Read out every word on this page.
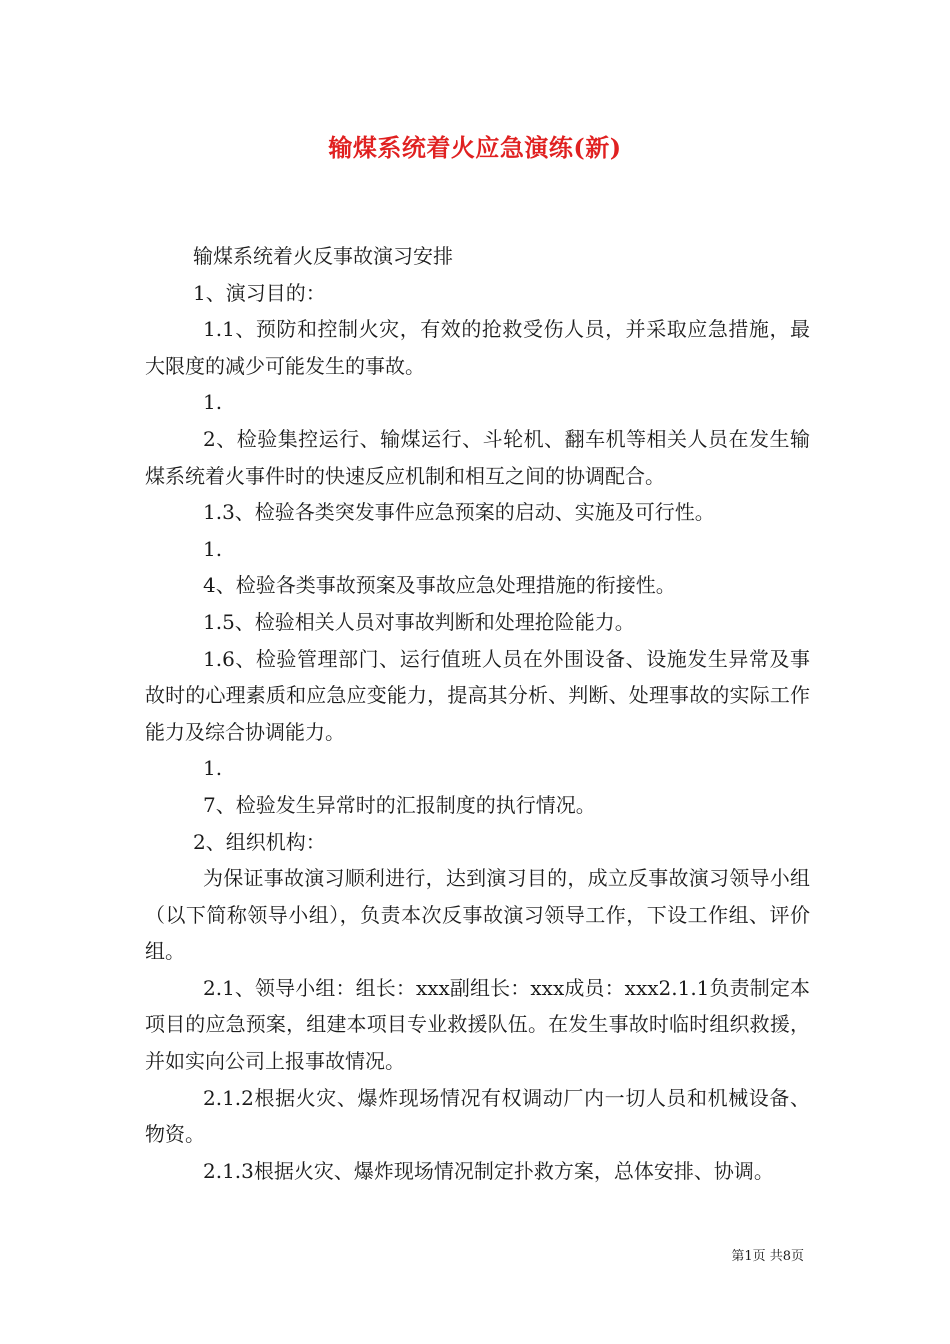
输煤系统着火应急演练(新)

输煤系统着火反事故演习安排

1、演习目的：

1.1、预防和控制火灾，有效的抢救受伤人员，并采取应急措施，最大限度的减少可能发生的事故。

1.

2、检验集控运行、输煤运行、斗轮机、翻车机等相关人员在发生输煤系统着火事件时的快速反应机制和相互之间的协调配合。

1.3、检验各类突发事件应急预案的启动、实施及可行性。

1.

4、检验各类事故预案及事故应急处理措施的衔接性。

1.5、检验相关人员对事故判断和处理抢险能力。

1.6、检验管理部门、运行值班人员在外围设备、设施发生异常及事故时的心理素质和应急应变能力，提高其分析、判断、处理事故的实际工作能力及综合协调能力。

1.

7、检验发生异常时的汇报制度的执行情况。

2、组织机构：

为保证事故演习顺利进行，达到演习目的，成立反事故演习领导小组（以下简称领导小组），负责本次反事故演习领导工作，下设工作组、评价组。

2.1、领导小组：组长：xxx副组长：xxx成员：xxx2.1.1负责制定本项目的应急预案，组建本项目专业救援队伍。在发生事故时临时组织救援，并如实向公司上报事故情况。

2.1.2根据火灾、爆炸现场情况有权调动厂内一切人员和机械设备、物资。

2.1.3根据火灾、爆炸现场情况制定扑救方案，总体安排、协调。

第1页 共8页
